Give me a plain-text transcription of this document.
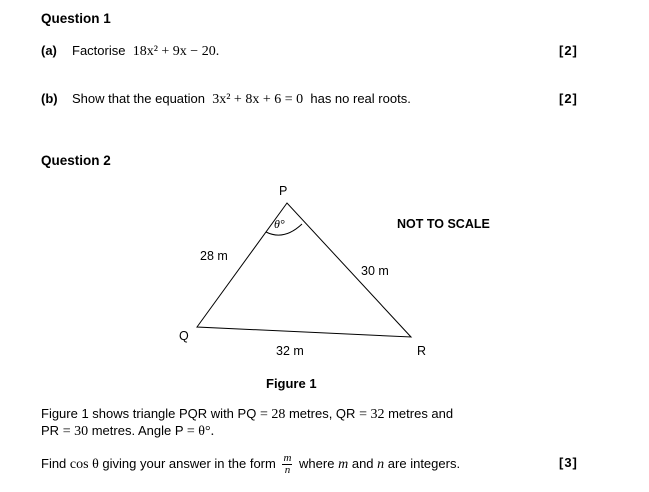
Question 1
(a) Factorise 18x² + 9x − 20.	[2]
(b) Show that the equation 3x² + 8x + 6 = 0 has no real roots.	[2]
Question 2
P
Q
R
θ°
28 m
30 m
32 m
NOT TO SCALE
Figure 1
Figure 1 shows triangle PQR with PQ = 28 metres, QR = 32 metres and
PR = 30 metres. Angle P = θ°.
Find cos θ giving your answer in the form $\frac{m}{n}$ where m and n are integers.	[3]
